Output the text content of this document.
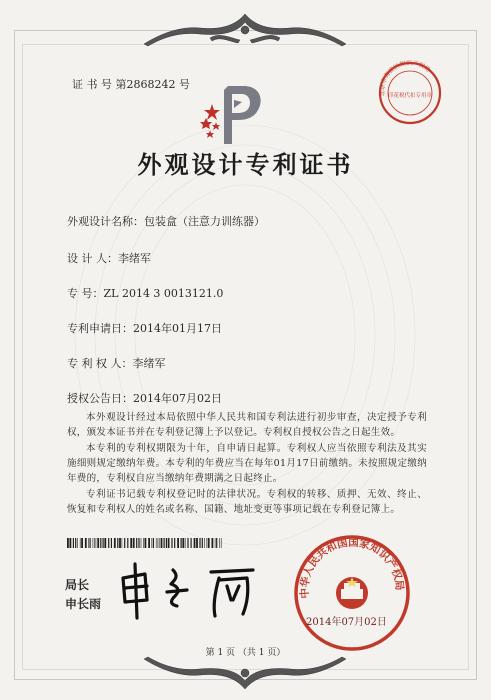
证 书 号 第2868242 号
外观设计专利证书
外观设计名称：包装盒（注意力训练器）
设 计 人：李绪军
专 号：ZL 2014 3 0013121.0
专利申请日：2014年01月17日
专 利 权 人：李绪军
授权公告日：2014年07月02日
本外观设计经过本局依照中华人民共和国专利法进行初步审查，决定授予专利权，颁发本证书并在专利登记簿上予以登记。专利权自授权公告之日起生效。
本专利的专利权期限为十年，自申请日起算。专利权人应当依照专利法及其实施细则规定缴纳年费。本专利的年费应当在每年01月17日前缴纳。未按照规定缴纳年费的，专利权自应当缴纳年费期满之日起终止。
专利证书记载专利权登记时的法律状况。专利权的转移、质押、无效、终止、恢复和专利权人的姓名或名称、国籍、地址变更等事项记载在专利登记簿上。
局长
申长雨
中华人民共和国国家知识产权局
2014年07月02日
北京市海淀区知识产权局
印花税代扣专用章
第 1 页 （共 1 页）
